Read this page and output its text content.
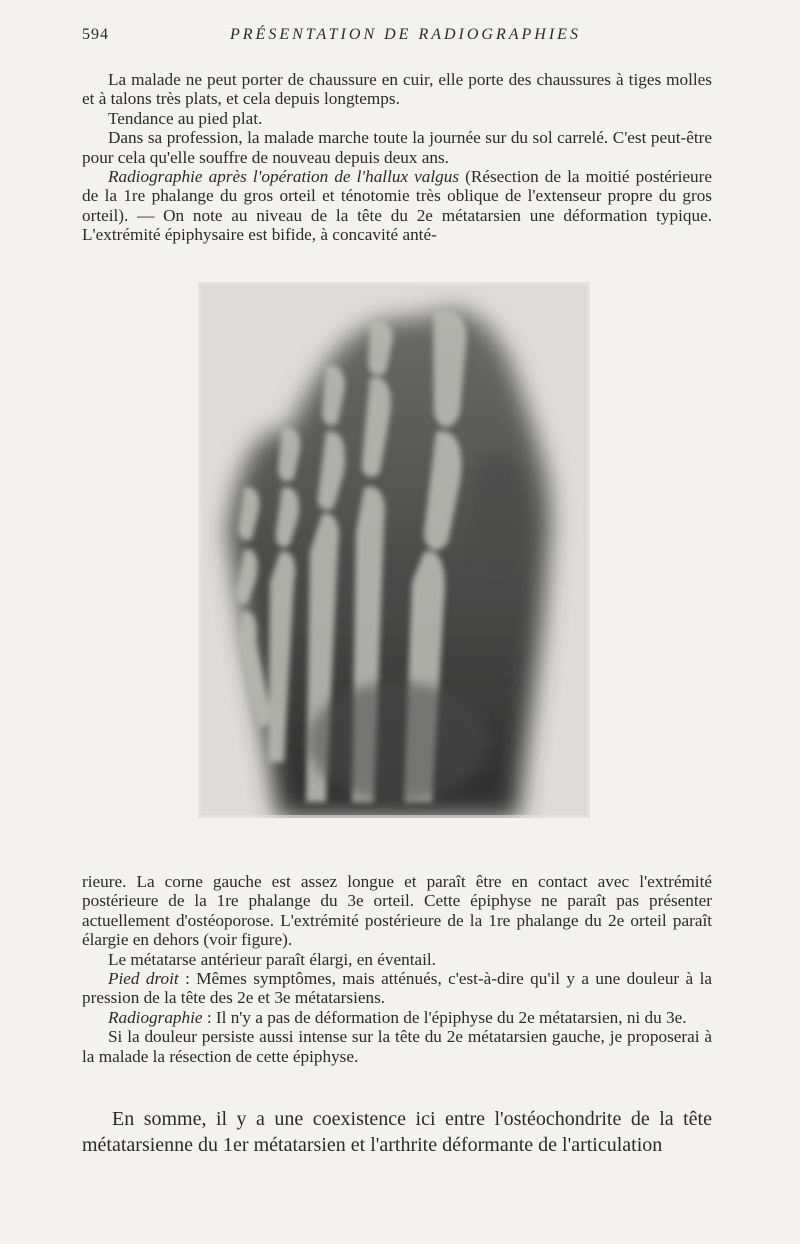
594	PRÉSENTATION DE RADIOGRAPHIES

La malade ne peut porter de chaussure en cuir, elle porte des chaussures à tiges molles et à talons très plats, et cela depuis longtemps.

Tendance au pied plat.

Dans sa profession, la malade marche toute la journée sur du sol carrelé. C'est peut-être pour cela qu'elle souffre de nouveau depuis deux ans.

Radiographie après l'opération de l'hallux valgus (Résection de la moitié postérieure de la 1re phalange du gros orteil et ténotomie très oblique de l'extenseur propre du gros orteil). — On note au niveau de la tête du 2e métatarsien une déformation typique. L'extrémité épiphysaire est bifide, à concavité anté-

rieure. La corne gauche est assez longue et paraît être en contact avec l'extrémité postérieure de la 1re phalange du 3e orteil. Cette épiphyse ne paraît pas présenter actuellement d'ostéoporose. L'extrémité postérieure de la 1re phalange du 2e orteil paraît élargie en dehors (voir figure).

Le métatarse antérieur paraît élargi, en éventail.

Pied droit : Mêmes symptômes, mais atténués, c'est-à-dire qu'il y a une douleur à la pression de la tête des 2e et 3e métatarsiens.

Radiographie : Il n'y a pas de déformation de l'épiphyse du 2e métatarsien, ni du 3e.

Si la douleur persiste aussi intense sur la tête du 2e métatarsien gauche, je proposerai à la malade la résection de cette épiphyse.

En somme, il y a une coexistence ici entre l'ostéochondrite de la tête métatarsienne du 1er métatarsien et l'arthrite déformante de l'articulation
